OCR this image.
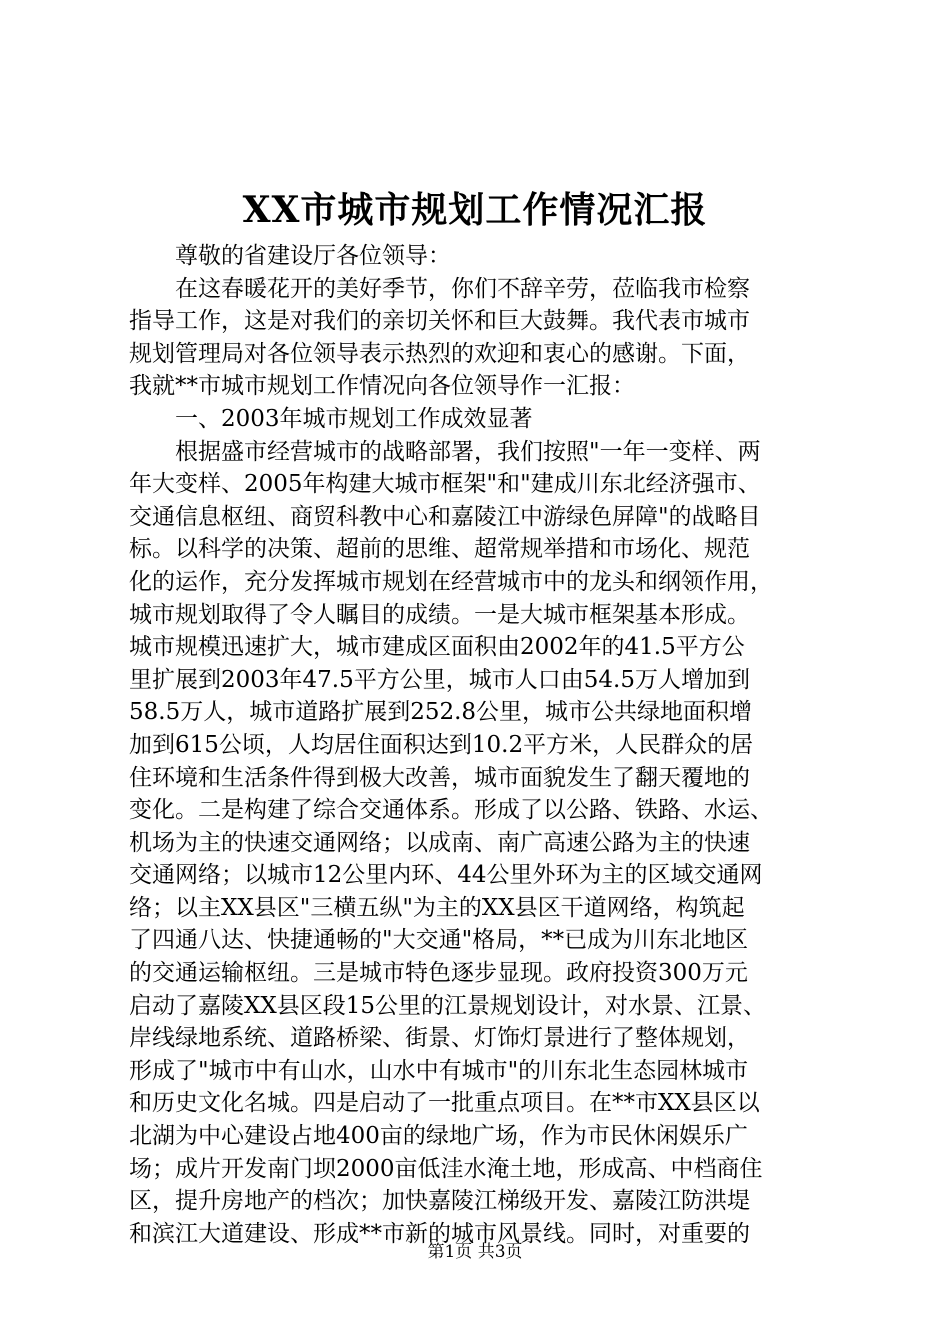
XX市城市规划工作情况汇报
尊敬的省建设厅各位领导：
在这春暖花开的美好季节，你们不辞辛劳，莅临我市检察
指导工作，这是对我们的亲切关怀和巨大鼓舞。我代表市城市
规划管理局对各位领导表示热烈的欢迎和衷心的感谢。下面，
我就**市城市规划工作情况向各位领导作一汇报：
一、2003年城市规划工作成效显著
根据盛市经营城市的战略部署，我们按照"一年一变样、两
年大变样、2005年构建大城市框架"和"建成川东北经济强市、
交通信息枢纽、商贸科教中心和嘉陵江中游绿色屏障"的战略目
标。以科学的决策、超前的思维、超常规举措和市场化、规范
化的运作，充分发挥城市规划在经营城市中的龙头和纲领作用，
城市规划取得了令人瞩目的成绩。一是大城市框架基本形成。
城市规模迅速扩大，城市建成区面积由2002年的41.5平方公
里扩展到2003年47.5平方公里，城市人口由54.5万人增加到
58.5万人，城市道路扩展到252.8公里，城市公共绿地面积增
加到615公顷，人均居住面积达到10.2平方米，人民群众的居
住环境和生活条件得到极大改善，城市面貌发生了翻天覆地的
变化。二是构建了综合交通体系。形成了以公路、铁路、水运、
机场为主的快速交通网络；以成南、南广高速公路为主的快速
交通网络；以城市12公里内环、44公里外环为主的区域交通网
络；以主XX县区"三横五纵"为主的XX县区干道网络，构筑起
了四通八达、快捷通畅的"大交通"格局，**已成为川东北地区
的交通运输枢纽。三是城市特色逐步显现。政府投资300万元
启动了嘉陵XX县区段15公里的江景规划设计，对水景、江景、
岸线绿地系统、道路桥梁、街景、灯饰灯景进行了整体规划，
形成了"城市中有山水，山水中有城市"的川东北生态园林城市
和历史文化名城。四是启动了一批重点项目。在**市XX县区以
北湖为中心建设占地400亩的绿地广场，作为市民休闲娱乐广
场；成片开发南门坝2000亩低洼水淹土地，形成高、中档商住
区，提升房地产的档次；加快嘉陵江梯级开发、嘉陵江防洪堤
和滨江大道建设、形成**市新的城市风景线。同时，对重要的
第1页 共3页
